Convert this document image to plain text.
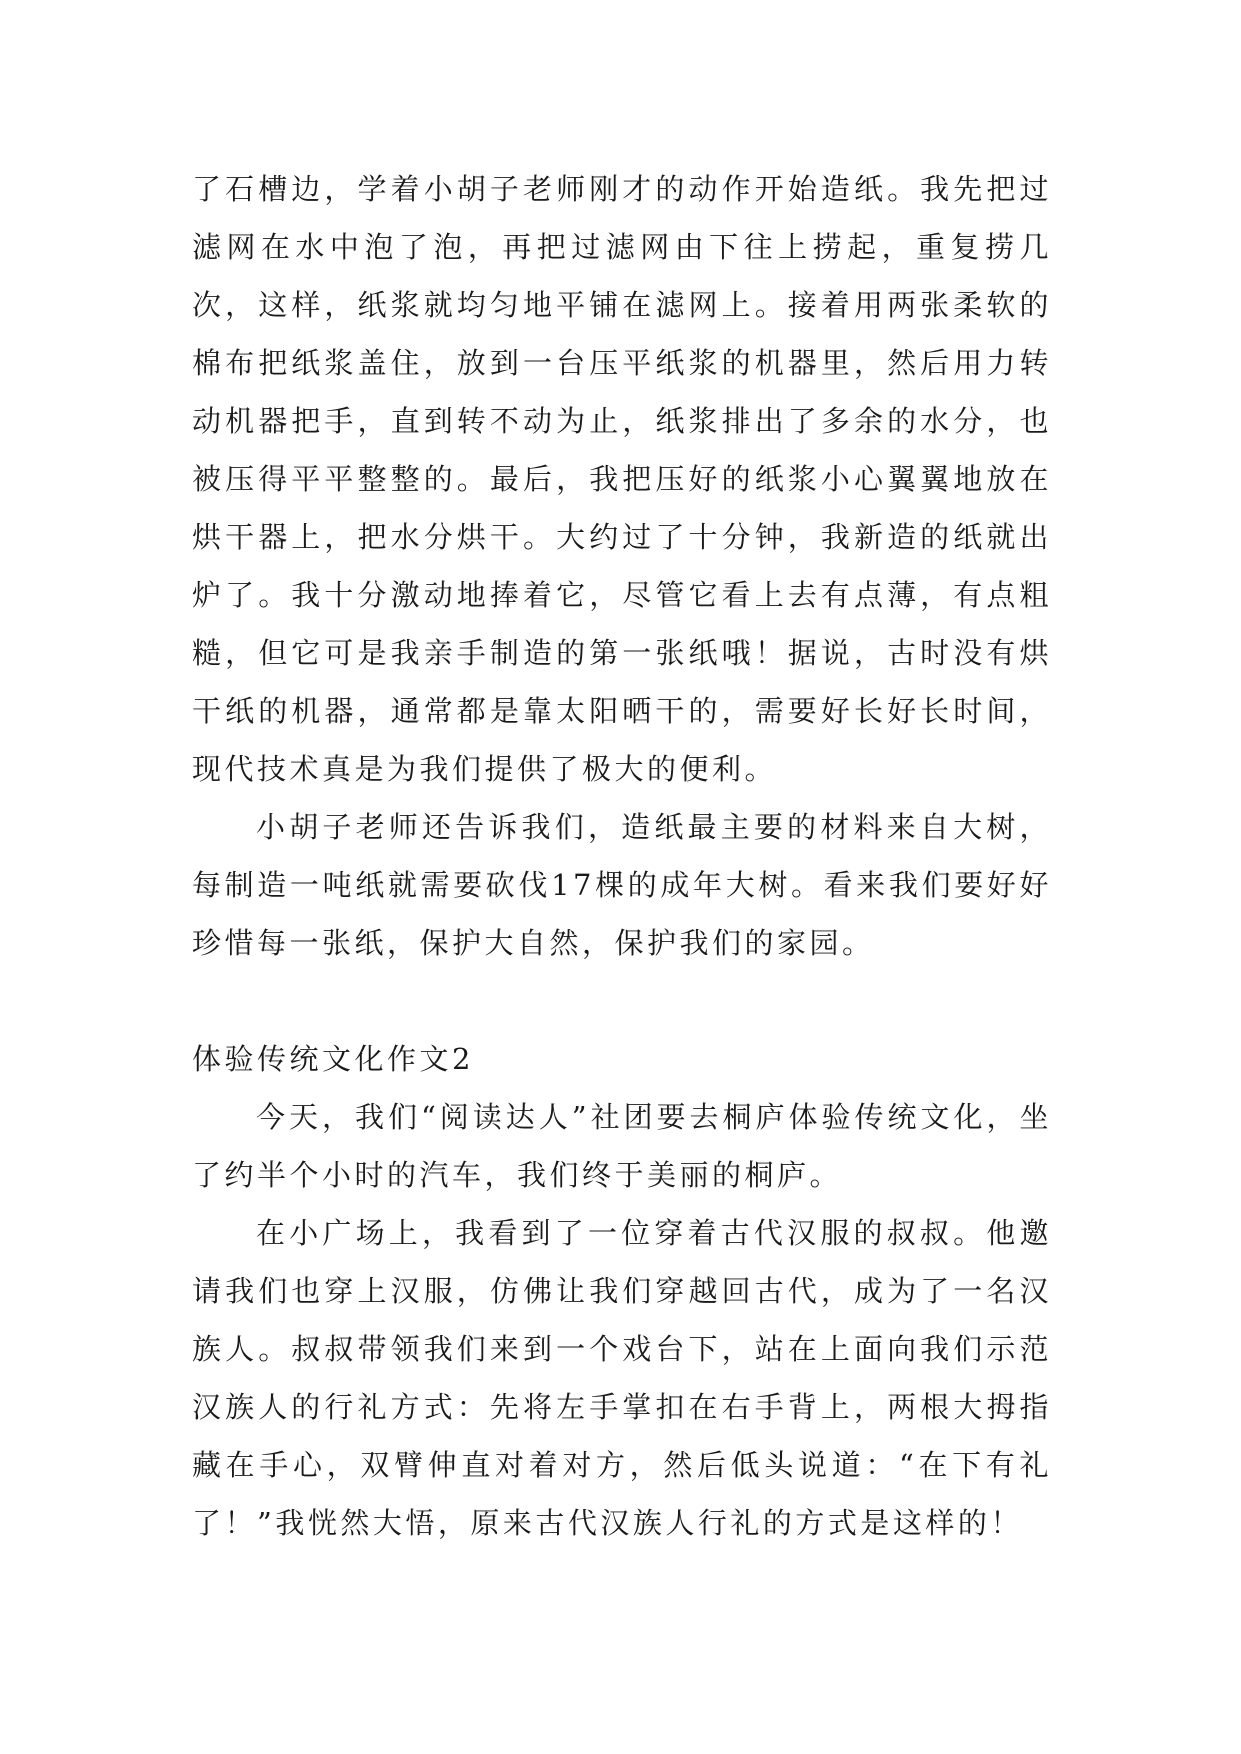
了石槽边，学着小胡子老师刚才的动作开始造纸。我先把过滤网在水中泡了泡，再把过滤网由下往上捞起，重复捞几次，这样，纸浆就均匀地平铺在滤网上。接着用两张柔软的棉布把纸浆盖住，放到一台压平纸浆的机器里，然后用力转动机器把手，直到转不动为止，纸浆排出了多余的水分，也被压得平平整整的。最后，我把压好的纸浆小心翼翼地放在烘干器上，把水分烘干。大约过了十分钟，我新造的纸就出炉了。我十分激动地捧着它，尽管它看上去有点薄，有点粗糙，但它可是我亲手制造的第一张纸哦！据说，古时没有烘干纸的机器，通常都是靠太阳晒干的，需要好长好长时间，现代技术真是为我们提供了极大的便利。

小胡子老师还告诉我们，造纸最主要的材料来自大树，每制造一吨纸就需要砍伐17棵的成年大树。看来我们要好好珍惜每一张纸，保护大自然，保护我们的家园。

体验传统文化作文2

今天，我们“阅读达人”社团要去桐庐体验传统文化，坐了约半个小时的汽车，我们终于美丽的桐庐。

在小广场上，我看到了一位穿着古代汉服的叔叔。他邀请我们也穿上汉服，仿佛让我们穿越回古代，成为了一名汉族人。叔叔带领我们来到一个戏台下，站在上面向我们示范汉族人的行礼方式：先将左手掌扣在右手背上，两根大拇指藏在手心，双臂伸直对着对方，然后低头说道：“在下有礼了！”我恍然大悟，原来古代汉族人行礼的方式是这样的！
